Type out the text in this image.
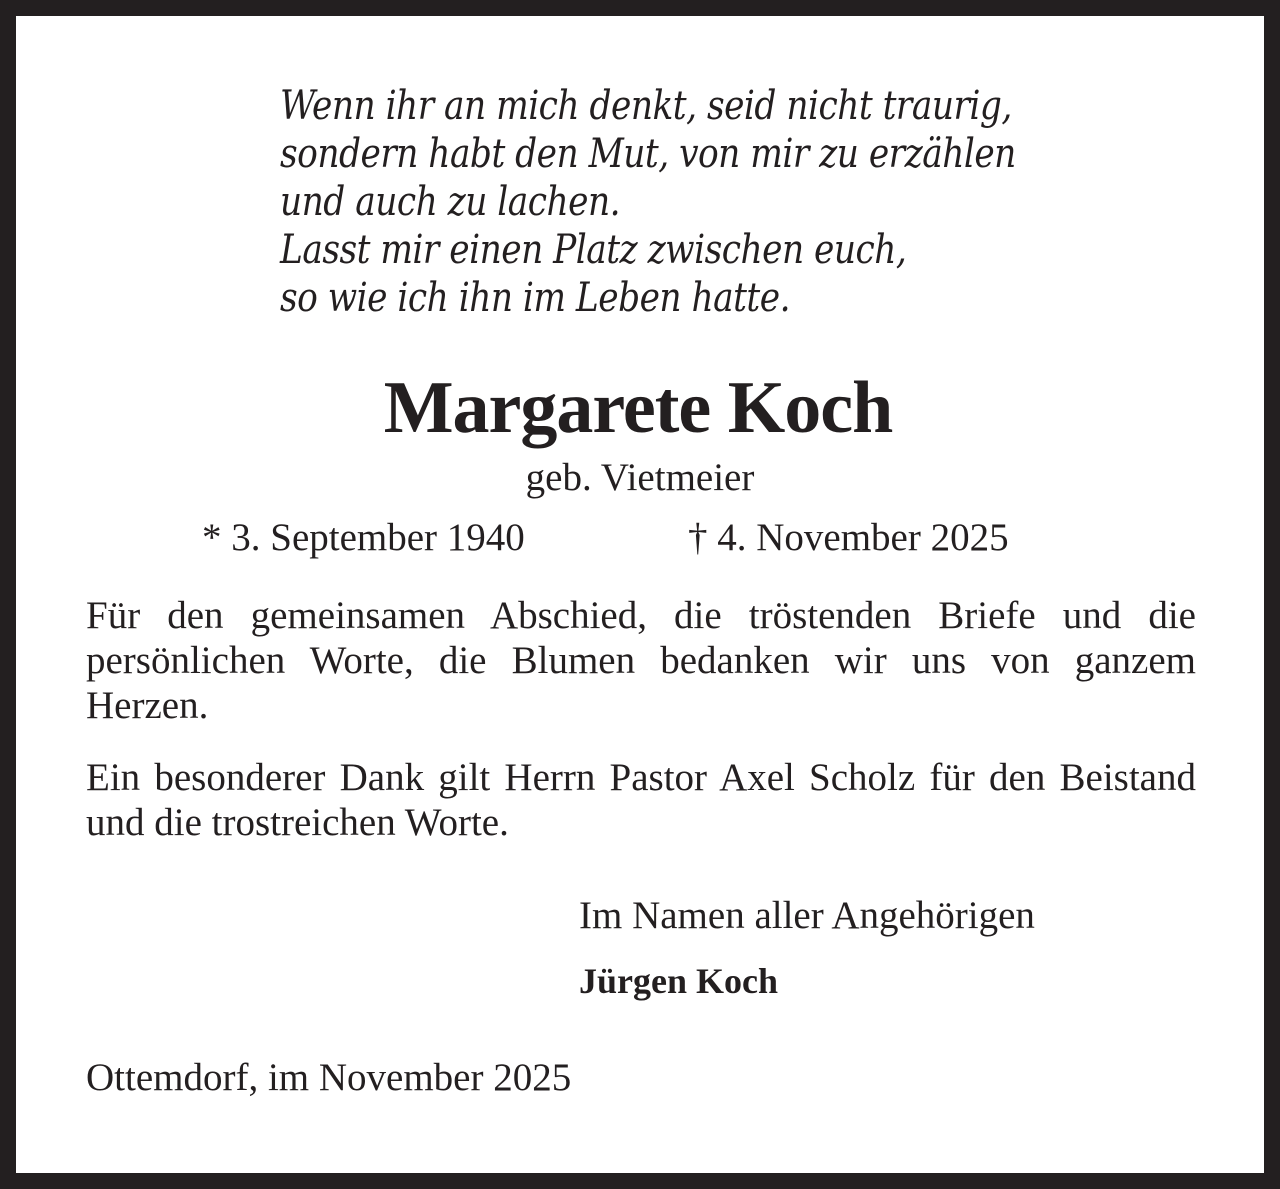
Wenn ihr an mich denkt, seid nicht traurig,
sondern habt den Mut, von mir zu erzählen
und auch zu lachen.
Lasst mir einen Platz zwischen euch,
so wie ich ihn im Leben hatte.
Margarete Koch
geb. Vietmeier
* 3. September 1940	† 4. November 2025
Für den gemeinsamen Abschied, die tröstenden Briefe und die persönlichen Worte, die Blumen bedanken wir uns von ganzem Herzen.
Ein besonderer Dank gilt Herrn Pastor Axel Scholz für den Beistand und die trostreichen Worte.
Im Namen aller Angehörigen
Jürgen Koch
Ottemdorf, im November 2025
